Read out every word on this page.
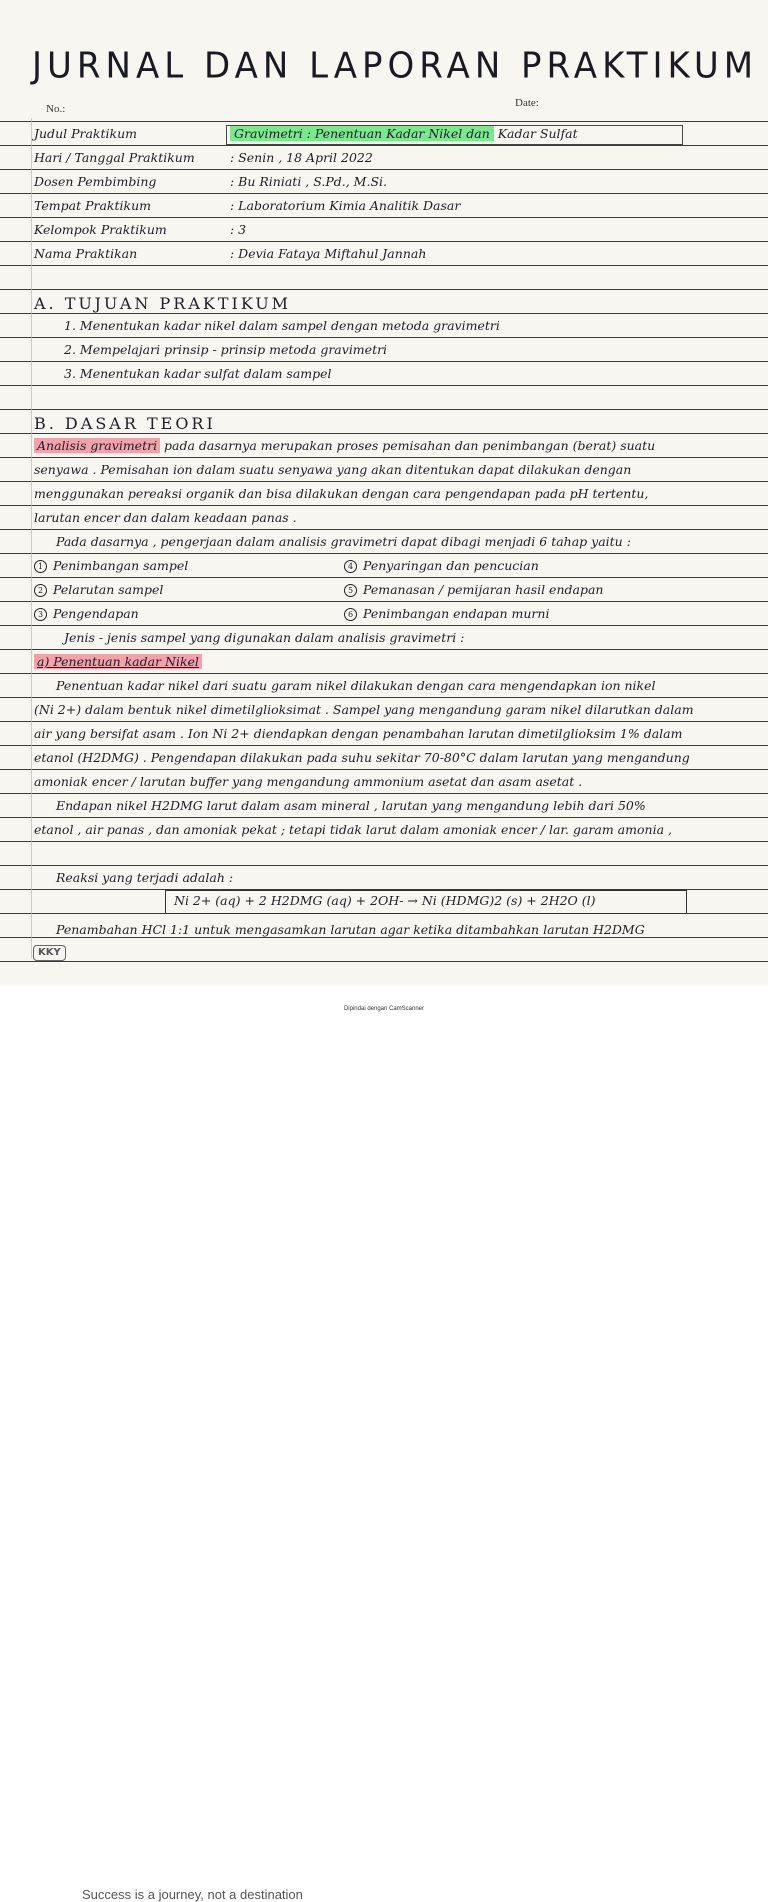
JURNAL DAN LAPORAN PRAKTIKUM
No.:	Date:
Judul Praktikum	Gravimetri : Penentuan Kadar Nikel dan Kadar Sulfat
Hari / Tanggal Praktikum	: Senin , 18 April 2022
Dosen Pembimbing	: Bu Riniati , S.Pd., M.Si.
Tempat Praktikum	: Laboratorium Kimia Analitik Dasar
Kelompok Praktikum	: 3
Nama Praktikan	: Devia Fataya Miftahul Jannah
A. TUJUAN PRAKTIKUM
1. Menentukan kadar nikel dalam sampel dengan metoda gravimetri
2. Mempelajari prinsip - prinsip metoda gravimetri
3. Menentukan kadar sulfat dalam sampel
B. DASAR TEORI
Analisis gravimetri pada dasarnya merupakan proses pemisahan dan penimbangan (berat) suatu
senyawa . Pemisahan ion dalam suatu senyawa yang akan ditentukan dapat dilakukan dengan
menggunakan pereaksi organik dan bisa dilakukan dengan cara pengendapan pada pH tertentu,
larutan encer dan dalam keadaan panas .
Pada dasarnya , pengerjaan dalam analisis gravimetri dapat dibagi menjadi 6 tahap yaitu :
1 Penimbangan sampel
2 Pelarutan sampel
3 Pengendapan
4 Penyaringan dan pencucian
5 Pemanasan / pemijaran hasil endapan
6 Penimbangan endapan murni
Jenis - jenis sampel yang digunakan dalam analisis gravimetri :
a) Penentuan kadar Nikel
Penentuan kadar nikel dari suatu garam nikel dilakukan dengan cara mengendapkan ion nikel
(Ni 2+) dalam bentuk nikel dimetilglioksimat . Sampel yang mengandung garam nikel dilarutkan dalam
air yang bersifat asam . Ion Ni 2+ diendapkan dengan penambahan larutan dimetilglioksim 1% dalam
etanol (H2DMG) . Pengendapan dilakukan pada suhu sekitar 70-80°C dalam larutan yang mengandung
amoniak encer / larutan buffer yang mengandung ammonium asetat dan asam asetat .
Endapan nikel H2DMG larut dalam asam mineral , larutan yang mengandung lebih dari 50%
etanol , air panas , dan amoniak pekat ; tetapi tidak larut dalam amoniak encer / lar. garam amonia ,
Reaksi yang terjadi adalah :
Ni 2+ (aq) + 2 H2DMG (aq) + 2OH- → Ni (HDMG)2 (s) + 2H2O (l)
Penambahan HCl 1:1 untuk mengasamkan larutan agar ketika ditambahkan larutan H2DMG
KKY
Success is a journey, not a destination
Dipindai dengan CamScanner
